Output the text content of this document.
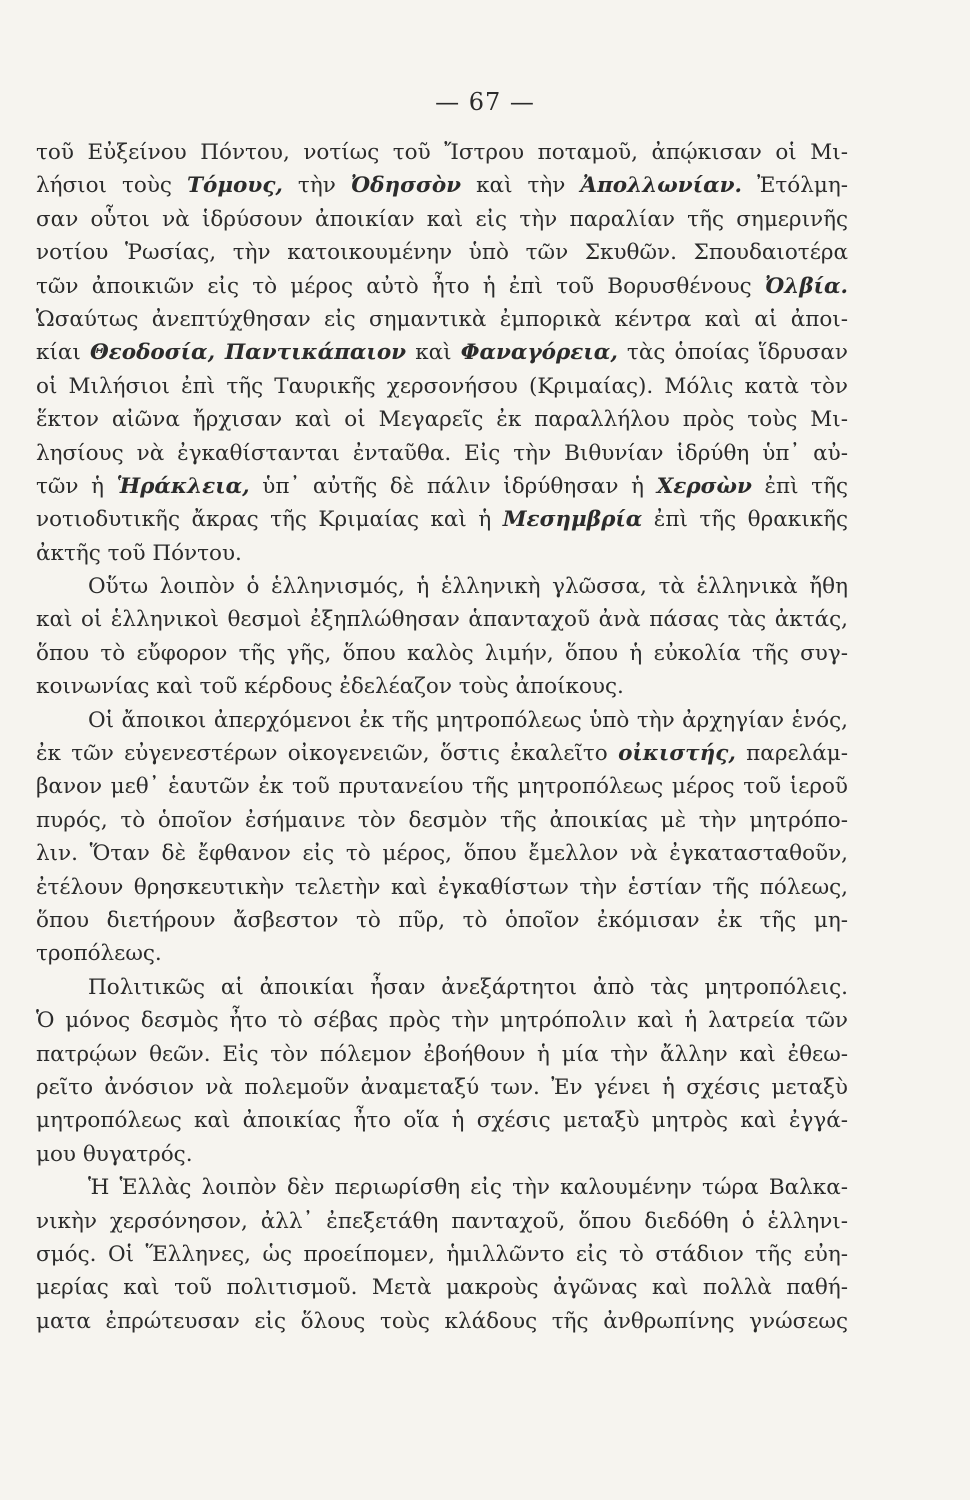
— 67 —
τοῦ Εὐξείνου Πόντου, νοτίως τοῦ Ἴστρου ποταμοῦ, ἀπῴκισαν οἱ Μι-
λήσιοι τοὺς Τόμους, τὴν Ὀδησσὸν καὶ τὴν Ἀπολλωνίαν. Ἐτόλμη-
σαν οὗτοι νὰ ἱδρύσουν ἀποικίαν καὶ εἰς τὴν παραλίαν τῆς σημερινῆς
νοτίου Ῥωσίας, τὴν κατοικουμένην ὑπὸ τῶν Σκυθῶν. Σπουδαιοτέρα
τῶν ἀποικιῶν εἰς τὸ μέρος αὐτὸ ἦτο ἡ ἐπὶ τοῦ Βορυσθένους Ὀλβία.
Ὡσαύτως ἀνεπτύχθησαν εἰς σημαντικὰ ἐμπορικὰ κέντρα καὶ αἱ ἀποι-
κίαι Θεοδοσία, Παντικάπαιον καὶ Φαναγόρεια, τὰς ὁποίας ἵδρυσαν
οἱ Μιλήσιοι ἐπὶ τῆς Ταυρικῆς χερσονήσου (Κριμαίας). Μόλις κατὰ τὸν
ἕκτον αἰῶνα ἤρχισαν καὶ οἱ Μεγαρεῖς ἐκ παραλλήλου πρὸς τοὺς Μι-
λησίους νὰ ἐγκαθίστανται ἐνταῦθα. Εἰς τὴν Βιθυνίαν ἱδρύθη ὑπ᾽ αὐ-
τῶν ἡ Ἡράκλεια, ὑπ᾽ αὐτῆς δὲ πάλιν ἱδρύθησαν ἡ Χερσὼν ἐπὶ τῆς
νοτιοδυτικῆς ἄκρας τῆς Κριμαίας καὶ ἡ Μεσημβρία ἐπὶ τῆς θρακικῆς
ἀκτῆς τοῦ Πόντου.
Οὕτω λοιπὸν ὁ ἑλληνισμός, ἡ ἑλληνικὴ γλῶσσα, τὰ ἑλληνικὰ ἤθη
καὶ οἱ ἑλληνικοὶ θεσμοὶ ἐξηπλώθησαν ἁπανταχοῦ ἀνὰ πάσας τὰς ἀκτάς,
ὅπου τὸ εὔφορον τῆς γῆς, ὅπου καλὸς λιμήν, ὅπου ἡ εὐκολία τῆς συγ-
κοινωνίας καὶ τοῦ κέρδους ἐδελέαζον τοὺς ἀποίκους.
Οἱ ἄποικοι ἀπερχόμενοι ἐκ τῆς μητροπόλεως ὑπὸ τὴν ἀρχηγίαν ἑνός,
ἐκ τῶν εὐγενεστέρων οἰκογενειῶν, ὅστις ἐκαλεῖτο οἰκιστής, παρελάμ-
βανον μεθ᾽ ἑαυτῶν ἐκ τοῦ πρυτανείου τῆς μητροπόλεως μέρος τοῦ ἱεροῦ
πυρός, τὸ ὁποῖον ἐσήμαινε τὸν δεσμὸν τῆς ἀποικίας μὲ τὴν μητρόπο-
λιν. Ὅταν δὲ ἔφθανον εἰς τὸ μέρος, ὅπου ἔμελλον νὰ ἐγκατασταθοῦν,
ἐτέλουν θρησκευτικὴν τελετὴν καὶ ἐγκαθίστων τὴν ἑστίαν τῆς πόλεως,
ὅπου διετήρουν ἄσβεστον τὸ πῦρ, τὸ ὁποῖον ἐκόμισαν ἐκ τῆς μη-
τροπόλεως.
Πολιτικῶς αἱ ἀποικίαι ἦσαν ἀνεξάρτητοι ἀπὸ τὰς μητροπόλεις.
Ὁ μόνος δεσμὸς ἦτο τὸ σέβας πρὸς τὴν μητρόπολιν καὶ ἡ λατρεία τῶν
πατρῴων θεῶν. Εἰς τὸν πόλεμον ἐβοήθουν ἡ μία τὴν ἄλλην καὶ ἐθεω-
ρεῖτο ἀνόσιον νὰ πολεμοῦν ἀναμεταξύ των. Ἐν γένει ἡ σχέσις μεταξὺ
μητροπόλεως καὶ ἀποικίας ἦτο οἵα ἡ σχέσις μεταξὺ μητρὸς καὶ ἐγγά-
μου θυγατρός.
Ἡ Ἑλλὰς λοιπὸν δὲν περιωρίσθη εἰς τὴν καλουμένην τώρα Βαλκα-
νικὴν χερσόνησον, ἀλλ᾽ ἐπεξετάθη πανταχοῦ, ὅπου διεδόθη ὁ ἑλληνι-
σμός. Οἱ Ἕλληνες, ὡς προείπομεν, ἡμιλλῶντο εἰς τὸ στάδιον τῆς εὐη-
μερίας καὶ τοῦ πολιτισμοῦ. Μετὰ μακροὺς ἀγῶνας καὶ πολλὰ παθή-
ματα ἐπρώτευσαν εἰς ὅλους τοὺς κλάδους τῆς ἀνθρωπίνης γνώσεως
